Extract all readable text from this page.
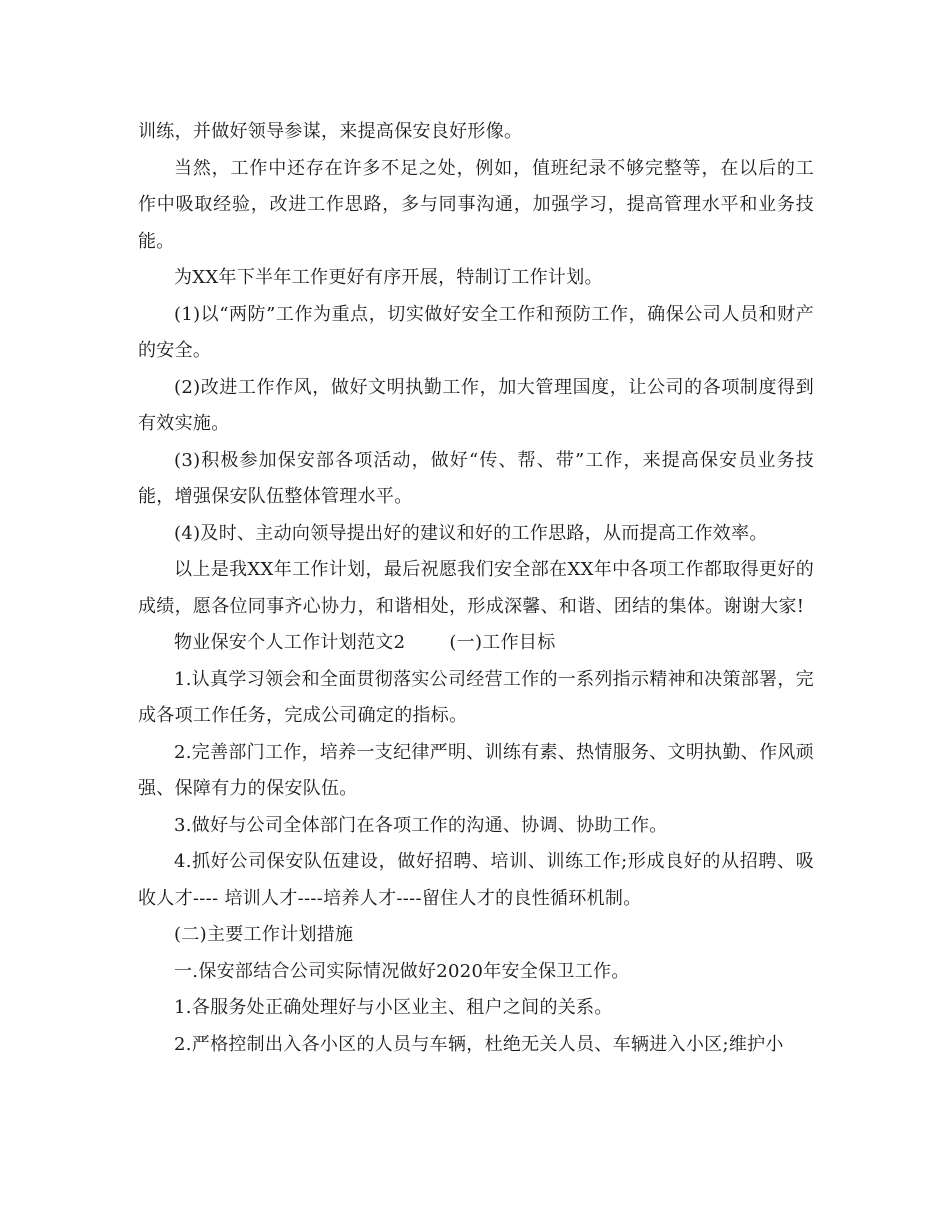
训练，并做好领导参谋，来提高保安良好形像。

当然，工作中还存在许多不足之处，例如，值班纪录不够完整等，在以后的工作中吸取经验，改进工作思路，多与同事沟通，加强学习，提高管理水平和业务技能。

为XX年下半年工作更好有序开展，特制订工作计划。

(1)以“两防”工作为重点，切实做好安全工作和预防工作，确保公司人员和财产的安全。

(2)改进工作作风，做好文明执勤工作，加大管理国度，让公司的各项制度得到有效实施。

(3)积极参加保安部各项活动，做好“传、帮、带”工作，来提高保安员业务技能，增强保安队伍整体管理水平。

(4)及时、主动向领导提出好的建议和好的工作思路，从而提高工作效率。

以上是我XX年工作计划，最后祝愿我们安全部在XX年中各项工作都取得更好的成绩，愿各位同事齐心协力，和谐相处，形成深馨、和谐、团结的集体。谢谢大家!

物业保安个人工作计划范文2 (一)工作目标

1.认真学习领会和全面贯彻落实公司经营工作的一系列指示精神和决策部署，完成各项工作任务，完成公司确定的指标。

2.完善部门工作，培养一支纪律严明、训练有素、热情服务、文明执勤、作风顽强、保障有力的保安队伍。

3.做好与公司全体部门在各项工作的沟通、协调、协助工作。

4.抓好公司保安队伍建设，做好招聘、培训、训练工作;形成良好的从招聘、吸收人才---- 培训人才----培养人才----留住人才的良性循环机制。

(二)主要工作计划措施

一.保安部结合公司实际情况做好2020年安全保卫工作。

1.各服务处正确处理好与小区业主、租户之间的关系。

2.严格控制出入各小区的人员与车辆，杜绝无关人员、车辆进入小区;维护小
